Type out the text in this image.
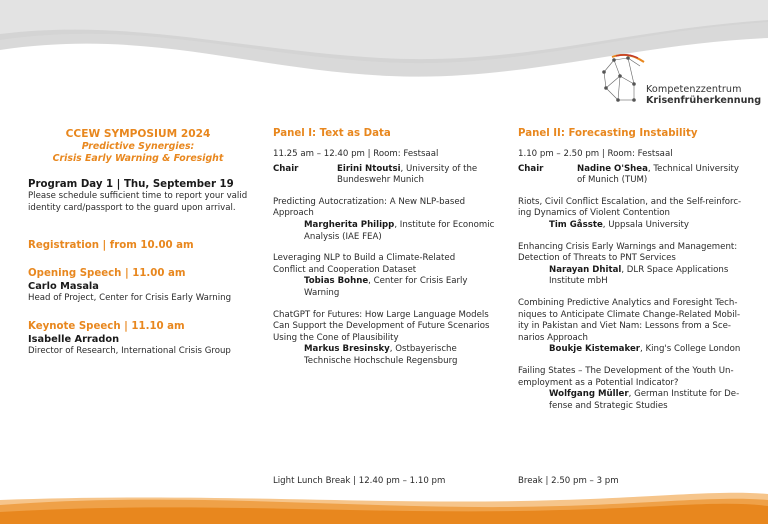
Kompetenzzentrum
Krisenfrüherkennung
CCEW SYMPOSIUM 2024
Predictive Synergies:
Crisis Early Warning & Foresight
Program Day 1 | Thu, September 19
Please schedule sufficient time to report your valid
identity card/passport to the guard upon arrival.
Registration | from 10.00 am
Opening Speech | 11.00 am
Carlo Masala
Head of Project, Center for Crisis Early Warning
Keynote Speech | 11.10 am
Isabelle Arradon
Director of Research, International Crisis Group
Panel I: Text as Data
11.25 am – 12.40 pm | Room: Festsaal
Chair	Eirini Ntoutsi, University of the
Bundeswehr Munich
Predicting Autocratization: A New NLP-based
Approach
Margherita Philipp, Institute for Economic
Analysis (IAE FEA)
Leveraging NLP to Build a Climate-Related
Conflict and Cooperation Dataset
Tobias Bohne, Center for Crisis Early
Warning
ChatGPT for Futures: How Large Language Models
Can Support the Development of Future Scenarios
Using the Cone of Plausibility
Markus Bresinsky, Ostbayerische
Technische Hochschule Regensburg
Light Lunch Break | 12.40 pm – 1.10 pm
Panel II: Forecasting Instability
1.10 pm – 2.50 pm | Room: Festsaal
Chair	Nadine O'Shea, Technical University
of Munich (TUM)
Riots, Civil Conflict Escalation, and the Self-reinforc-
ing Dynamics of Violent Contention
Tim Gåsste, Uppsala University
Enhancing Crisis Early Warnings and Management:
Detection of Threats to PNT Services
Narayan Dhital, DLR Space Applications
Institute mbH
Combining Predictive Analytics and Foresight Tech-
niques to Anticipate Climate Change-Related Mobil-
ity in Pakistan and Viet Nam: Lessons from a Sce-
narios Approach
Boukje Kistemaker, King's College London
Failing States – The Development of the Youth Un-
employment as a Potential Indicator?
Wolfgang Müller, German Institute for De-
fense and Strategic Studies
Break | 2.50 pm – 3 pm
